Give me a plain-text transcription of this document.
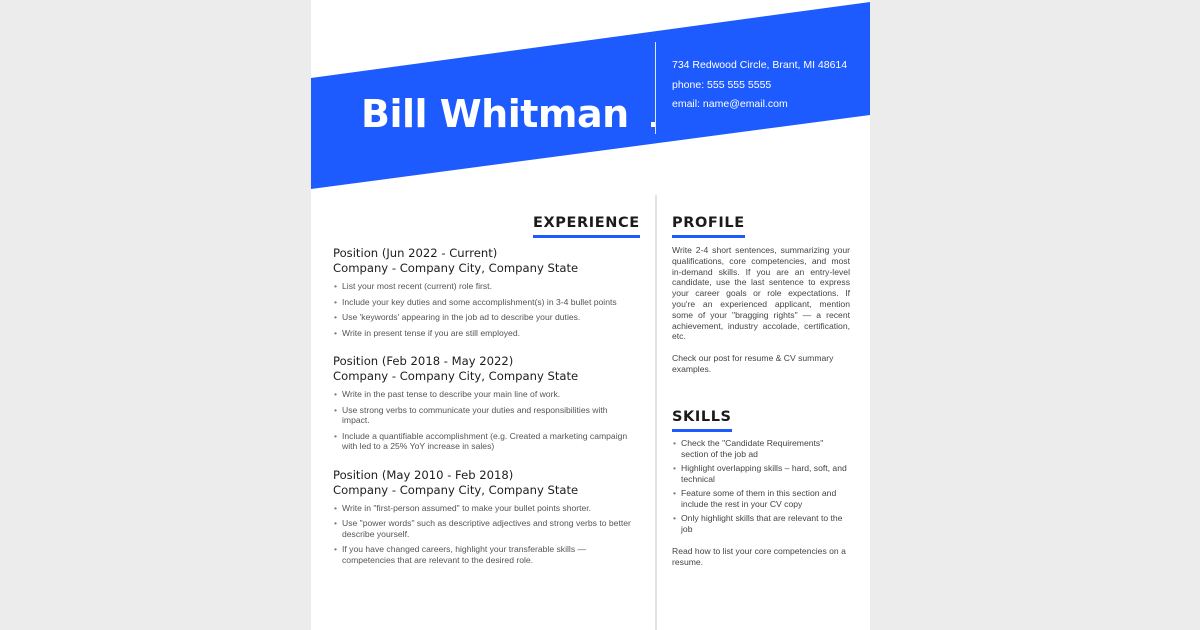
Bill Whitman
734 Redwood Circle, Brant, MI 48614
phone: 555 555 5555
email: name@email.com
EXPERIENCE
Position (Jun 2022 - Current)
Company - Company City, Company State
• List your most recent (current) role first.
• Include your key duties and some accomplishment(s) in 3-4 bullet points
• Use 'keywords' appearing in the job ad to describe your duties.
• Write in present tense if you are still employed.
Position (Feb 2018 - May 2022)
Company - Company City, Company State
• Write in the past tense to describe your main line of work.
• Use strong verbs to communicate your duties and responsibilities with impact.
• Include a quantifiable accomplishment (e.g. Created a marketing campaign with led to a 25% YoY increase in sales)
Position (May 2010 - Feb 2018)
Company - Company City, Company State
• Write in "first-person assumed" to make your bullet points shorter.
• Use "power words" such as descriptive adjectives and strong verbs to better describe yourself.
• If you have changed careers, highlight your transferable skills — competencies that are relevant to the desired role.
PROFILE
Write 2-4 short sentences, summarizing your qualifications, core competencies, and most in-demand skills. If you are an entry-level candidate, use the last sentence to express your career goals or role expectations. If you're an experienced applicant, mention some of your "bragging rights" — a recent achievement, industry accolade, certification, etc.
Check our post for resume & CV summary examples.
SKILLS
• Check the "Candidate Requirements" section of the job ad
• Highlight overlapping skills – hard, soft, and technical
• Feature some of them in this section and include the rest in your CV copy
• Only highlight skills that are relevant to the job
Read how to list your core competencies on a resume.
